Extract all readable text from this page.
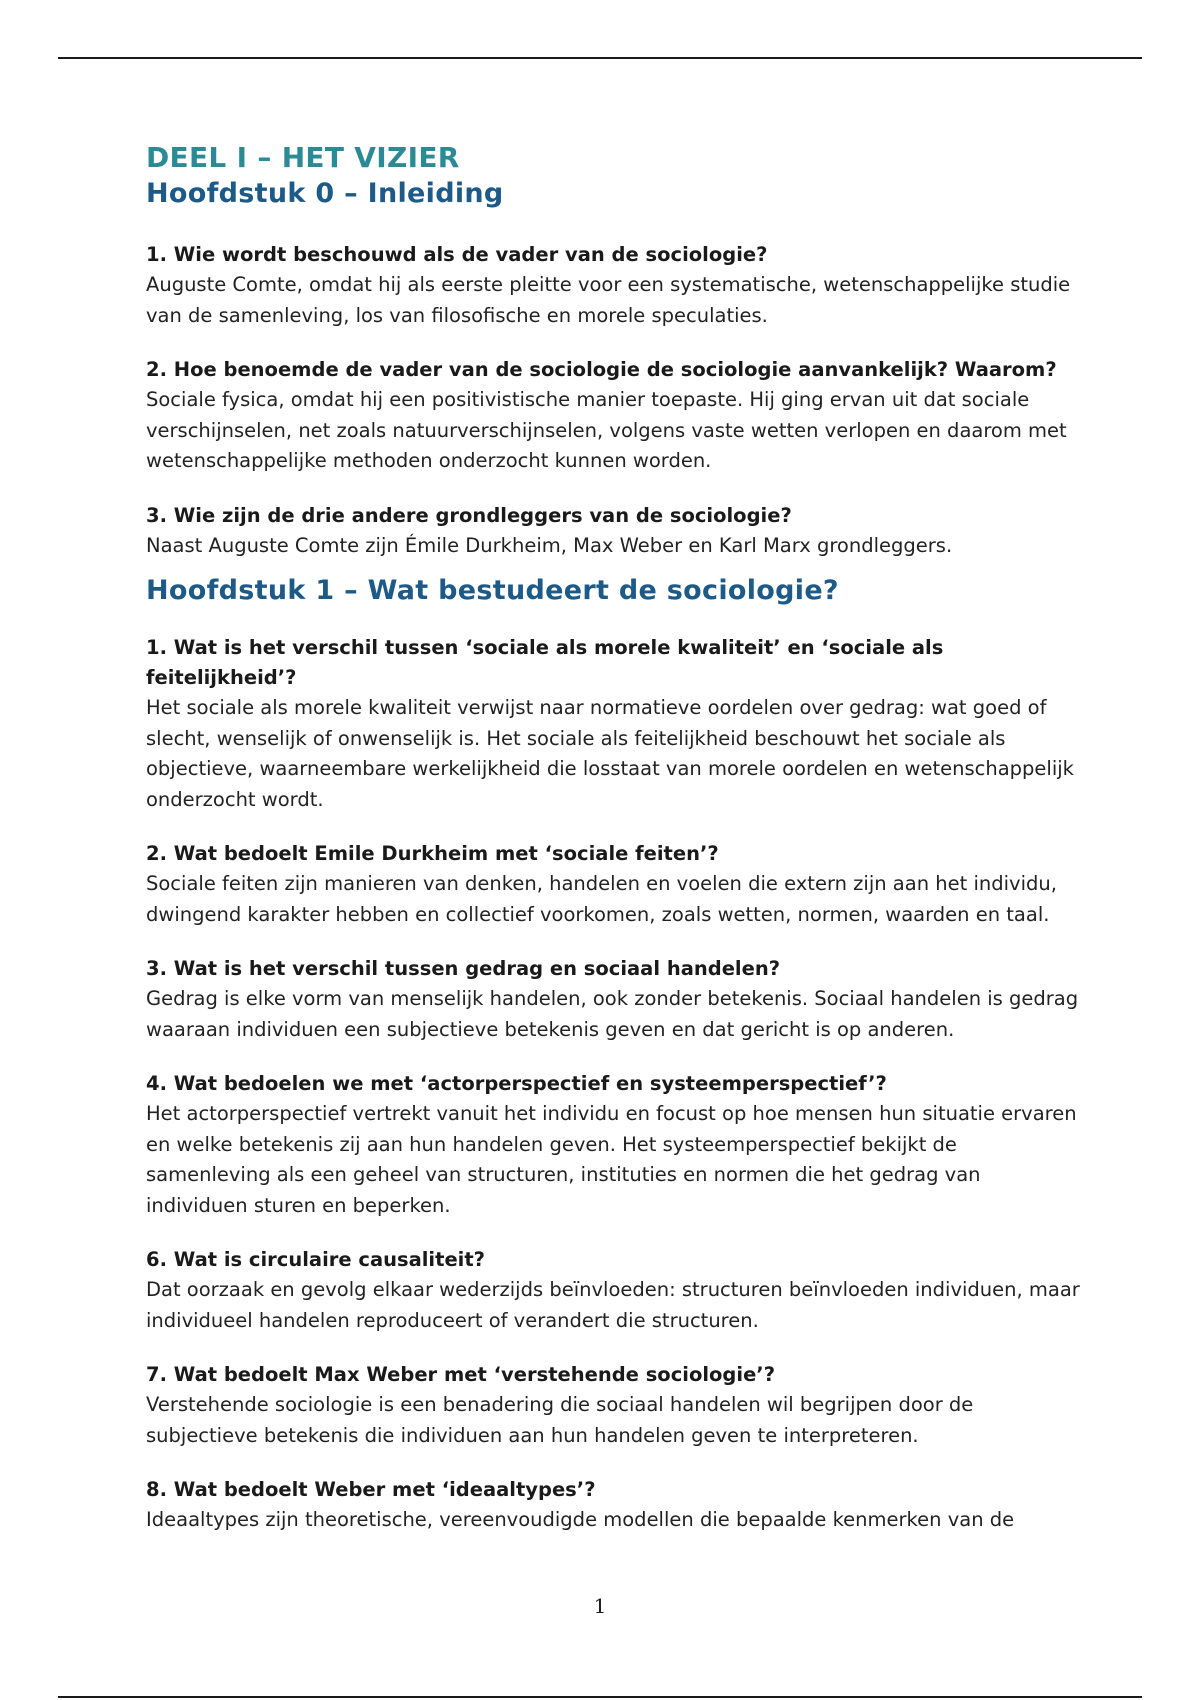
DEEL I – HET VIZIER
Hoofdstuk 0 – Inleiding

1. Wie wordt beschouwd als de vader van de sociologie?

Auguste Comte, omdat hij als eerste pleitte voor een systematische, wetenschappelijke studie van de samenleving, los van filosofische en morele speculaties.

2. Hoe benoemde de vader van de sociologie de sociologie aanvankelijk? Waarom?

Sociale fysica, omdat hij een positivistische manier toepaste. Hij ging ervan uit dat sociale verschijnselen, net zoals natuurverschijnselen, volgens vaste wetten verlopen en daarom met wetenschappelijke methoden onderzocht kunnen worden.

3. Wie zijn de drie andere grondleggers van de sociologie?

Naast Auguste Comte zijn Émile Durkheim, Max Weber en Karl Marx grondleggers.

Hoofdstuk 1 – Wat bestudeert de sociologie?

1. Wat is het verschil tussen ‘sociale als morele kwaliteit’ en ‘sociale als feitelijkheid’?

Het sociale als morele kwaliteit verwijst naar normatieve oordelen over gedrag: wat goed of slecht, wenselijk of onwenselijk is. Het sociale als feitelijkheid beschouwt het sociale als objectieve, waarneembare werkelijkheid die losstaat van morele oordelen en wetenschappelijk onderzocht wordt.

2. Wat bedoelt Emile Durkheim met ‘sociale feiten’?

Sociale feiten zijn manieren van denken, handelen en voelen die extern zijn aan het individu, dwingend karakter hebben en collectief voorkomen, zoals wetten, normen, waarden en taal.

3. Wat is het verschil tussen gedrag en sociaal handelen?

Gedrag is elke vorm van menselijk handelen, ook zonder betekenis. Sociaal handelen is gedrag waaraan individuen een subjectieve betekenis geven en dat gericht is op anderen.

4. Wat bedoelen we met ‘actorperspectief en systeemperspectief’?

Het actorperspectief vertrekt vanuit het individu en focust op hoe mensen hun situatie ervaren en welke betekenis zij aan hun handelen geven. Het systeemperspectief bekijkt de samenleving als een geheel van structuren, instituties en normen die het gedrag van individuen sturen en beperken.

6. Wat is circulaire causaliteit?

Dat oorzaak en gevolg elkaar wederzijds beïnvloeden: structuren beïnvloeden individuen, maar individueel handelen reproduceert of verandert die structuren.

7. Wat bedoelt Max Weber met ‘verstehende sociologie’?

Verstehende sociologie is een benadering die sociaal handelen wil begrijpen door de subjectieve betekenis die individuen aan hun handelen geven te interpreteren.

8. Wat bedoelt Weber met ‘ideaaltypes’?

Ideaaltypes zijn theoretische, vereenvoudigde modellen die bepaalde kenmerken van de

1
